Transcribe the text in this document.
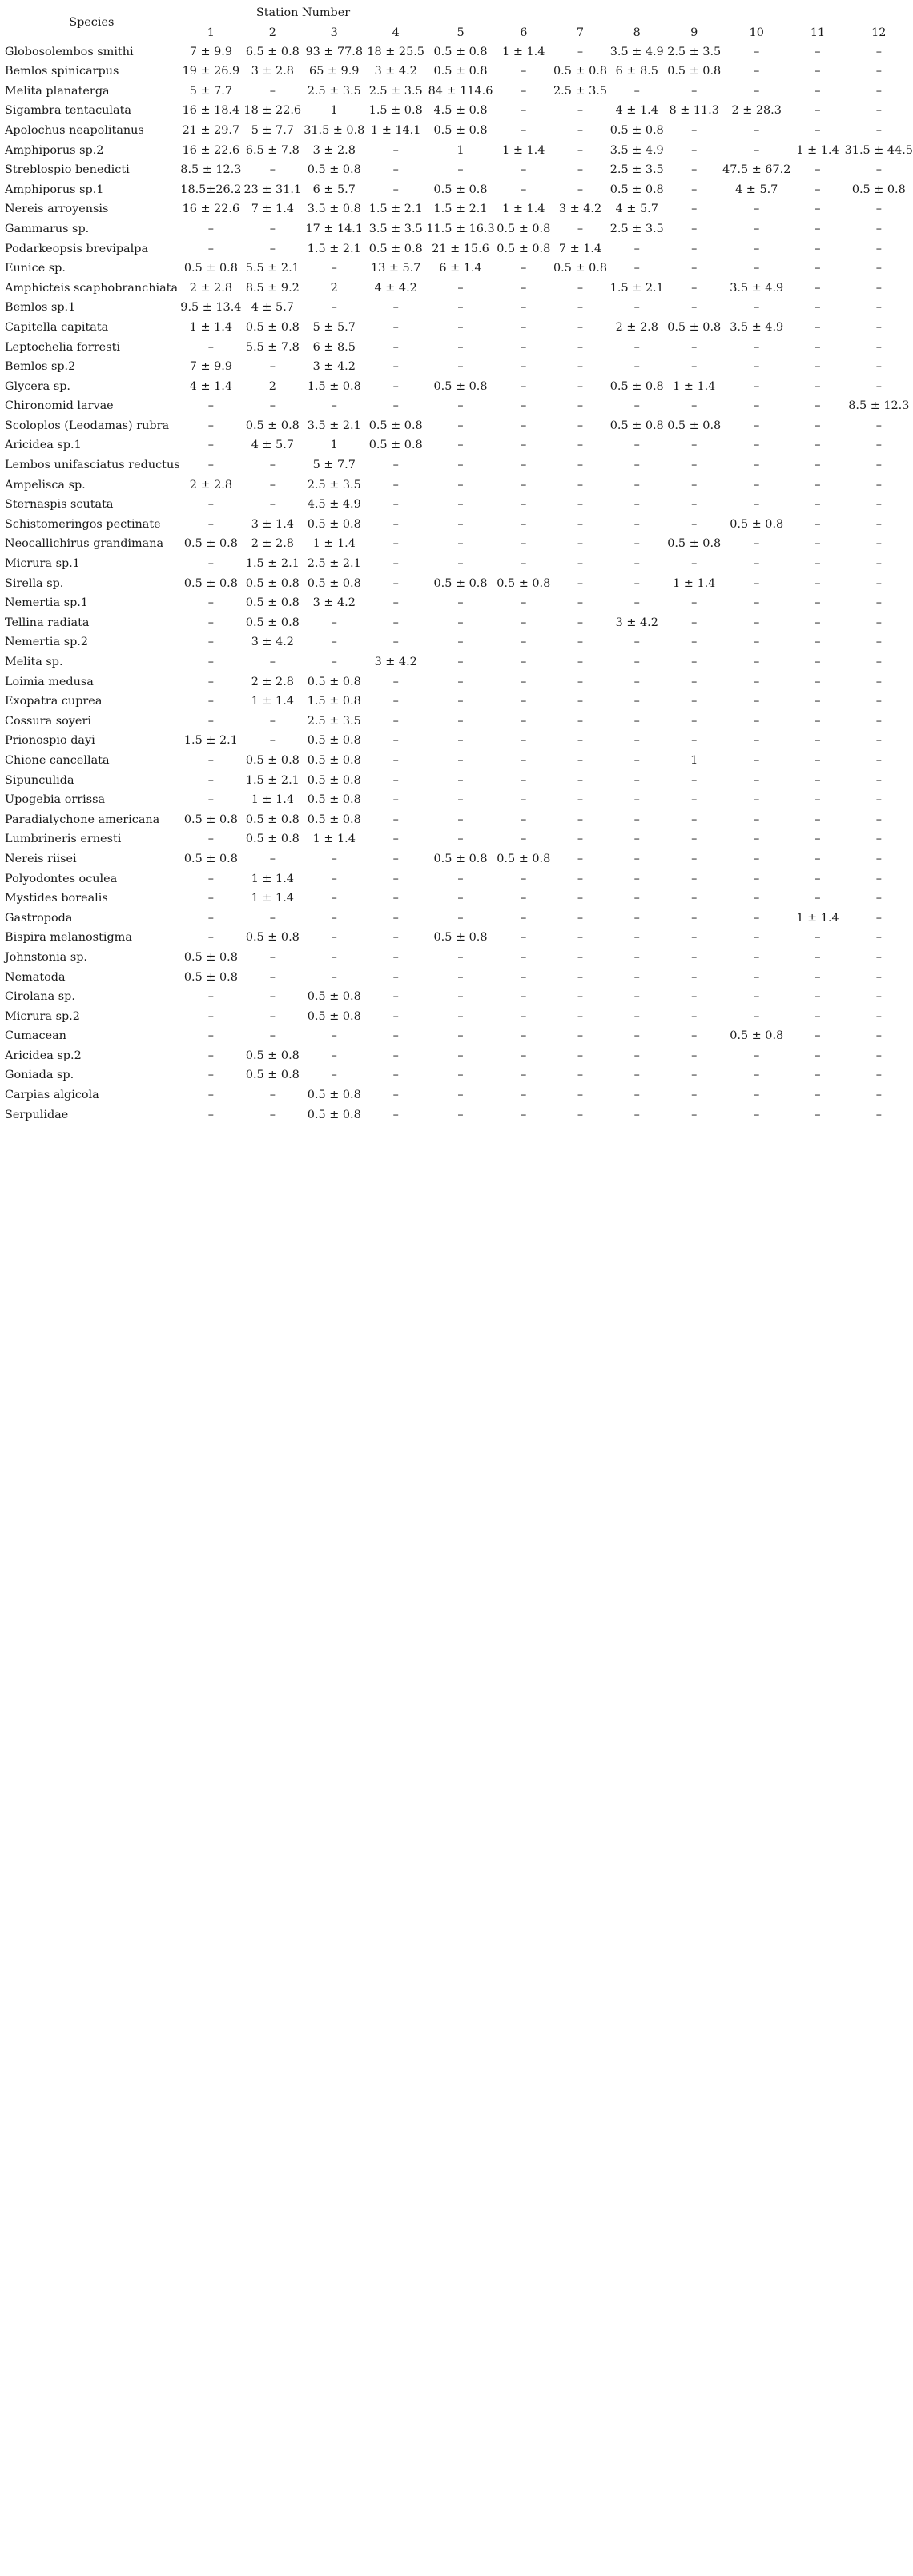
Species	Station Number											
	1	2	3	4	5	6	7	8	9	10	11	12
Globosolembos smithi	7 ± 9.9	6.5 ± 0.8	93 ± 77.8	18 ± 25.5	0.5 ± 0.8	1 ± 1.4	–	3.5 ± 4.9	2.5 ± 3.5	–	–	–
Bemlos spinicarpus	19 ± 26.9	3 ± 2.8	65 ± 9.9	3 ± 4.2	0.5 ± 0.8	–	0.5 ± 0.8	6 ± 8.5	0.5 ± 0.8	–	–	–
Melita planaterga	5 ± 7.7	–	2.5 ± 3.5	2.5 ± 3.5	84 ± 114.6	–	2.5 ± 3.5	–	–	–	–	–
Sigambra tentaculata	16 ± 18.4	18 ± 22.6	1	1.5 ± 0.8	4.5 ± 0.8	–	–	4 ± 1.4	8 ± 11.3	2 ± 28.3	–	–
Apolochus neapolitanus	21 ± 29.7	5 ± 7.7	31.5 ± 0.8	1 ± 14.1	0.5 ± 0.8	–	–	0.5 ± 0.8	–	–	–	–
Amphiporus sp.2	16 ± 22.6	6.5 ± 7.8	3 ± 2.8	–	1	1 ± 1.4	–	3.5 ± 4.9	–	–	1 ± 1.4	31.5 ± 44.5
Streblospio benedicti	8.5 ± 12.3	–	0.5 ± 0.8	–	–	–	–	2.5 ± 3.5	–	47.5 ± 67.2	–	–
Amphiporus sp.1	18.5±26.2	23 ± 31.1	6 ± 5.7	–	0.5 ± 0.8	–	–	0.5 ± 0.8	–	4 ± 5.7	–	0.5 ± 0.8
Nereis arroyensis	16 ± 22.6	7 ± 1.4	3.5 ± 0.8	1.5 ± 2.1	1.5 ± 2.1	1 ± 1.4	3 ± 4.2	4 ± 5.7	–	–	–	–
Gammarus sp.	–	–	17 ± 14.1	3.5 ± 3.5	11.5 ± 16.3	0.5 ± 0.8	–	2.5 ± 3.5	–	–	–	–
Podarkeopsis brevipalpa	–	–	1.5 ± 2.1	0.5 ± 0.8	21 ± 15.6	0.5 ± 0.8	7 ± 1.4	–	–	–	–	–
Eunice sp.	0.5 ± 0.8	5.5 ± 2.1	–	13 ± 5.7	6 ± 1.4	–	0.5 ± 0.8	–	–	–	–	–
Amphicteis scaphobranchiata	2 ± 2.8	8.5 ± 9.2	2	4 ± 4.2	–	–	–	1.5 ± 2.1	–	3.5 ± 4.9	–	–
Bemlos sp.1	9.5 ± 13.4	4 ± 5.7	–	–	–	–	–	–	–	–	–	–
Capitella capitata	1 ± 1.4	0.5 ± 0.8	5 ± 5.7	–	–	–	–	2 ± 2.8	0.5 ± 0.8	3.5 ± 4.9	–	–
Leptochelia forresti	–	5.5 ± 7.8	6 ± 8.5	–	–	–	–	–	–	–	–	–
Bemlos sp.2	7 ± 9.9	–	3 ± 4.2	–	–	–	–	–	–	–	–	–
Glycera sp.	4 ± 1.4	2	1.5 ± 0.8	–	0.5 ± 0.8	–	–	0.5 ± 0.8	1 ± 1.4	–	–	–
Chironomid larvae	–	–	–	–	–	–	–	–	–	–	–	8.5 ± 12.3
Scoloplos (Leodamas) rubra	–	0.5 ± 0.8	3.5 ± 2.1	0.5 ± 0.8	–	–	–	0.5 ± 0.8	0.5 ± 0.8	–	–	–
Aricidea sp.1	–	4 ± 5.7	1	0.5 ± 0.8	–	–	–	–	–	–	–	–
Lembos unifasciatus reductus	–	–	5 ± 7.7	–	–	–	–	–	–	–	–	–
Ampelisca sp.	2 ± 2.8	–	2.5 ± 3.5	–	–	–	–	–	–	–	–	–
Sternaspis scutata	–	–	4.5 ± 4.9	–	–	–	–	–	–	–	–	–
Schistomeringos pectinate	–	3 ± 1.4	0.5 ± 0.8	–	–	–	–	–	–	0.5 ± 0.8	–	–
Neocallichirus grandimana	0.5 ± 0.8	2 ± 2.8	1 ± 1.4	–	–	–	–	–	0.5 ± 0.8	–	–	–
Micrura sp.1	–	1.5 ± 2.1	2.5 ± 2.1	–	–	–	–	–	–	–	–	–
Sirella sp.	0.5 ± 0.8	0.5 ± 0.8	0.5 ± 0.8	–	0.5 ± 0.8	0.5 ± 0.8	–	–	1 ± 1.4	–	–	–
Nemertia sp.1	–	0.5 ± 0.8	3 ± 4.2	–	–	–	–	–	–	–	–	–
Tellina radiata	–	0.5 ± 0.8	–	–	–	–	–	3 ± 4.2	–	–	–	–
Nemertia sp.2	–	3 ± 4.2	–	–	–	–	–	–	–	–	–	–
Melita sp.	–	–	–	3 ± 4.2	–	–	–	–	–	–	–	–
Loimia medusa	–	2 ± 2.8	0.5 ± 0.8	–	–	–	–	–	–	–	–	–
Exopatra cuprea	–	1 ± 1.4	1.5 ± 0.8	–	–	–	–	–	–	–	–	–
Cossura soyeri	–	–	2.5 ± 3.5	–	–	–	–	–	–	–	–	–
Prionospio dayi	1.5 ± 2.1	–	0.5 ± 0.8	–	–	–	–	–	–	–	–	–
Chione cancellata	–	0.5 ± 0.8	0.5 ± 0.8	–	–	–	–	–	1	–	–	–
Sipunculida	–	1.5 ± 2.1	0.5 ± 0.8	–	–	–	–	–	–	–	–	–
Upogebia orrissa	–	1 ± 1.4	0.5 ± 0.8	–	–	–	–	–	–	–	–	–
Paradialychone americana	0.5 ± 0.8	0.5 ± 0.8	0.5 ± 0.8	–	–	–	–	–	–	–	–	–
Lumbrineris ernesti	–	0.5 ± 0.8	1 ± 1.4	–	–	–	–	–	–	–	–	–
Nereis riisei	0.5 ± 0.8	–	–	–	0.5 ± 0.8	0.5 ± 0.8	–	–	–	–	–	–
Polyodontes oculea	–	1 ± 1.4	–	–	–	–	–	–	–	–	–	–
Mystides borealis	–	1 ± 1.4	–	–	–	–	–	–	–	–	–	–
Gastropoda	–	–	–	–	–	–	–	–	–	–	1 ± 1.4	–
Bispira melanostigma	–	0.5 ± 0.8	–	–	0.5 ± 0.8	–	–	–	–	–	–	–
Johnstonia sp.	0.5 ± 0.8	–	–	–	–	–	–	–	–	–	–	–
Nematoda	0.5 ± 0.8	–	–	–	–	–	–	–	–	–	–	–
Cirolana sp.	–	–	0.5 ± 0.8	–	–	–	–	–	–	–	–	–
Micrura sp.2	–	–	0.5 ± 0.8	–	–	–	–	–	–	–	–	–
Cumacean	–	–	–	–	–	–	–	–	–	0.5 ± 0.8	–	–
Aricidea sp.2	–	0.5 ± 0.8	–	–	–	–	–	–	–	–	–	–
Goniada sp.	–	0.5 ± 0.8	–	–	–	–	–	–	–	–	–	–
Carpias algicola	–	–	0.5 ± 0.8	–	–	–	–	–	–	–	–	–
Serpulidae	–	–	0.5 ± 0.8	–	–	–	–	–	–	–	–	–
